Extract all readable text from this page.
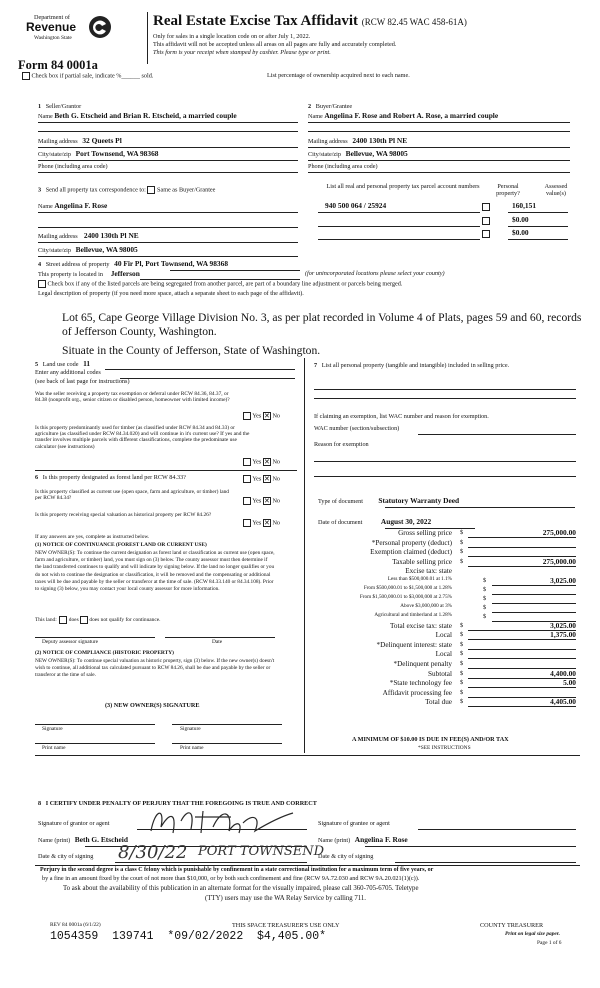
Department of
Revenue
Washington State
Form 84 0001a
Real Estate Excise Tax Affidavit (RCW 82.45 WAC 458-61A)
Only for sales in a single location code on or after July 1, 2022.
This affidavit will not be accepted unless all areas on all pages are fully and accurately completed.
This form is your receipt when stamped by cashier. Please type or print.
Check box if partial sale, indicate %______ sold.	List percentage of ownership acquired next to each name.
1 Seller/Grantor
Name Beth G. Etscheid and Brian R. Etscheid, a married couple
Mailing address 32 Queets Pl
City/state/zip Port Townsend, WA 98368
Phone (including area code)
2 Buyer/Grantee
Name Angelina F. Rose and Robert A. Rose, a married couple
Mailing address 2400 130th Pl NE
City/state/zip Bellevue, WA 98005
Phone (including area code)
3 Send all property tax correspondence to: Same as Buyer/Grantee
Name Angelina F. Rose
Mailing address 2400 130th Pl NE
City/state/zip Bellevue, WA 98005
List all real and personal property tax parcel account numbers	Personal property?
Assessed value(s)
940 500 064 / 25924	160,151
$0.00
$0.00
4 Street address of property 40 Fir Pl, Port Townsend, WA 98368
This property is located in Jefferson	(for unincorporated locations please select your county)
Check box if any of the listed parcels are being segregated from another parcel, are part of a boundary line adjustment or parcels being merged.
Legal description of property (if you need more space, attach a separate sheet to each page of the affidavit).
Lot 65, Cape George Village Division No. 3, as per plat recorded in Volume 4 of Plats, pages 59 and 60, records of Jefferson County, Washington.
Situate in the County of Jefferson, State of Washington.
5 Land use code 11
Enter any additional codes
(see back of last page for instructions)
Was the seller receiving a property tax exemption or deferral under RCW 84.36, 84.37, or 84.38 (nonprofit org., senior citizen or disabled person, homeowner with limited income)?
Yes ✕ No
Is this property predominantly used for timber (as classified under RCW 84.34 and 84.33) or agriculture (as classified under RCW 84.34.020) and will continue in it's current use? If yes and the transfer involves multiple parcels with different classifications, complete the predominate use calculator (see instructions)
Yes ✕ No
6 Is this property designated as forest land per RCW 84.33?	Yes ✕ No
Is this property classified as current use (open space, farm and agriculture, or timber) land per RCW 84.34?	Yes ✕ No
Is this property receiving special valuation as historical property per RCW 84.26?
Yes ✕ No
If any answers are yes, complete as instructed below.
(1) NOTICE OF CONTINUANCE (FOREST LAND OR CURRENT USE)
NEW OWNER(S): To continue the current designation as forest land or classification as current use (open space, farm and agriculture, or timber) land, you must sign on (3) below. The county assessor must then determine if the land transferred continues to qualify and will indicate by signing below. If the land no longer qualifies or you do not wish to continue the designation or classification, it will be removed and the compensating or additional taxes will be due and payable by the seller or transferor at the time of sale. (RCW 84.33.140 or 84.34.108). Prior to signing (3) below, you may contact your local county assessor for more information.
This land: does does not qualify for continuance.
Deputy assessor signature	Date
(2) NOTICE OF COMPLIANCE (HISTORIC PROPERTY)
NEW OWNER(S): To continue special valuation as historic property, sign (3) below. If the new owner(s) doesn't wish to continue, all additional tax calculated pursuant to RCW 84.26, shall be due and payable by the seller or transferor at the time of sale.
(3) NEW OWNER(S) SIGNATURE
Signature	Signature
Print name	Print name
7 List all personal property (tangible and intangible) included in selling price.
If claiming an exemption, list WAC number and reason for exemption.
WAC number (section/subsection)
Reason for exemption
Type of document Statutory Warranty Deed
Date of document	August 30, 2022
Gross selling price $	275,000.00
*Personal property (deduct) $
Exemption claimed (deduct) $
Taxable selling price $	275,000.00
Excise tax: state
Less than $500,000.01 at 1.1%	$	3,025.00
From $500,000.01 to $1,500,000 at 1.28%	$
From $1,500,000.01 to $3,000,000 at 2.75%	$
Above $3,000,000 at 3%	$
Agricultural and timberland at 1.28%	$
Total excise tax: state $	3,025.00
Local $	1,375.00
*Delinquent interest: state $
Local $
*Delinquent penalty $
Subtotal $	4,400.00
*State technology fee $	5.00
Affidavit processing fee $
Total due $	4,405.00
A MINIMUM OF $10.00 IS DUE IN FEE(S) AND/OR TAX
*SEE INSTRUCTIONS
8 I CERTIFY UNDER PENALTY OF PERJURY THAT THE FOREGOING IS TRUE AND CORRECT
Signature of grantor or agent	Signature of grantee or agent
Name (print) Beth G. Etscheid	Name (print) Angelina F. Rose
Date & city of signing 8/30/22 PORT TOWNSEND
Date & city of signing
Perjury in the second degree is a class C felony which is punishable by confinement in a state correctional institution for a maximum term of five years, or
by a fine in an amount fixed by the court of not more than $10,000, or by both such confinement and fine (RCW 9A.72.030 and RCW 9A.20.021(1)(c)).
To ask about the availability of this publication in an alternate format for the visually impaired, please call 360-705-6705. Teletype
(TTY) users may use the WA Relay Service by calling 711.
REV 84 0001a (6/1/22)	THIS SPACE TREASURER'S USE ONLY	COUNTY TREASURER
1054359  139741  *09/02/2022  $4,405.00*	Print on legal size paper.
Page 1 of 6
